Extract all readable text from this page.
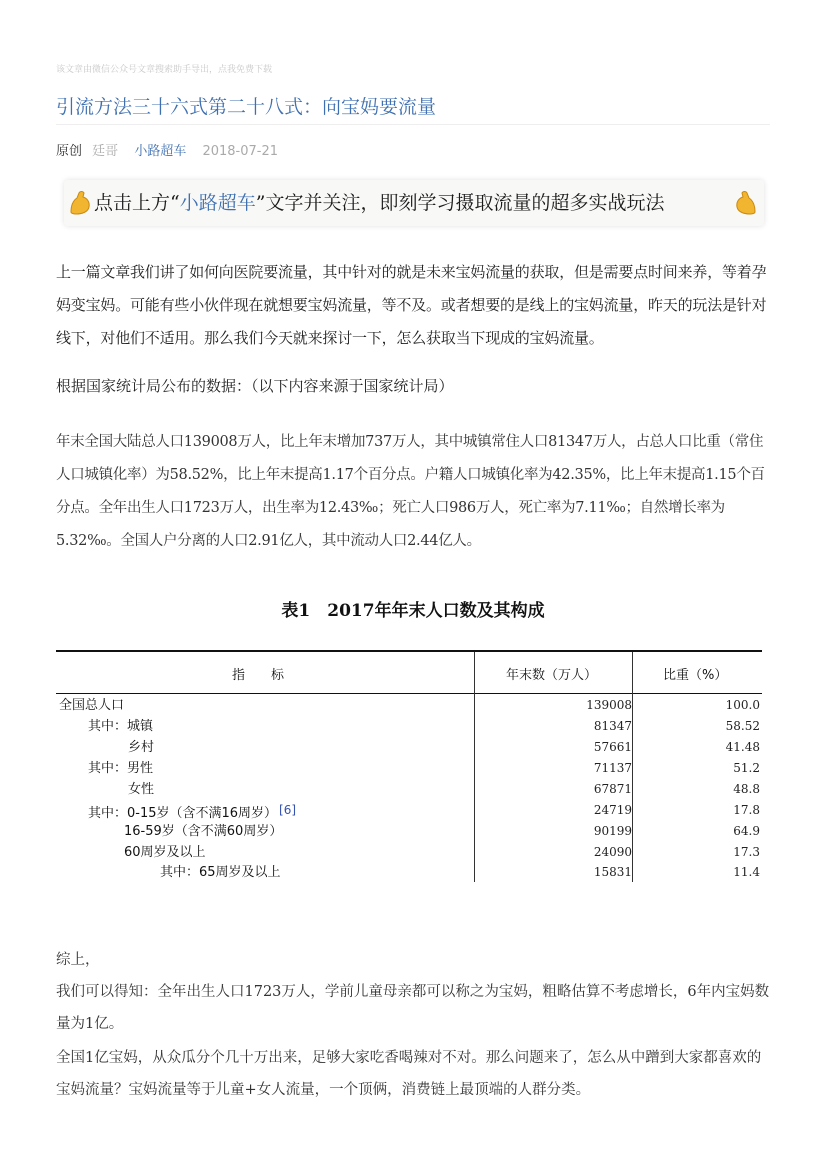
该文章由微信公众号文章搜索助手导出，点我免费下载
引流方法三十六式第二十八式：向宝妈要流量
原创 廷哥 小路超车 2018-07-21
点击上方“小路超车”文字并关注，即刻学习摄取流量的超多实战玩法

上一篇文章我们讲了如何向医院要流量，其中针对的就是未来宝妈流量的获取，但是需要点时间来养，等着孕妈变宝妈。可能有些小伙伴现在就想要宝妈流量，等不及。或者想要的是线上的宝妈流量，昨天的玩法是针对线下，对他们不适用。那么我们今天就来探讨一下，怎么获取当下现成的宝妈流量。

根据国家统计局公布的数据：（以下内容来源于国家统计局）

年末全国大陆总人口139008万人，比上年末增加737万人，其中城镇常住人口81347万人，占总人口比重（常住人口城镇化率）为58.52%，比上年末提高1.17个百分点。户籍人口城镇化率为42.35%，比上年末提高1.15个百分点。全年出生人口1723万人，出生率为12.43‰；死亡人口986万人，死亡率为7.11‰；自然增长率为5.32‰。全国人户分离的人口2.91亿人，其中流动人口2.44亿人。

表1　2017年年末人口数及其构成
指　　标	年末数（万人）	比重（%）
全国总人口	139008	100.0
其中：城镇	81347	58.52
乡村	57661	41.48
其中：男性	71137	51.2
女性	67871	48.8
其中：0-15岁（含不满16周岁） [6]	24719	17.8
16-59岁（含不满60周岁）	90199	64.9
60周岁及以上	24090	17.3
其中：65周岁及以上	15831	11.4
综上，
我们可以得知：全年出生人口1723万人，学前儿童母亲都可以称之为宝妈，粗略估算不考虑增长，6年内宝妈数量为1亿。

全国1亿宝妈，从众瓜分个几十万出来，足够大家吃香喝辣对不对。那么问题来了，怎么从中蹭到大家都喜欢的宝妈流量？宝妈流量等于儿童+女人流量，一个顶俩，消费链上最顶端的人群分类。
